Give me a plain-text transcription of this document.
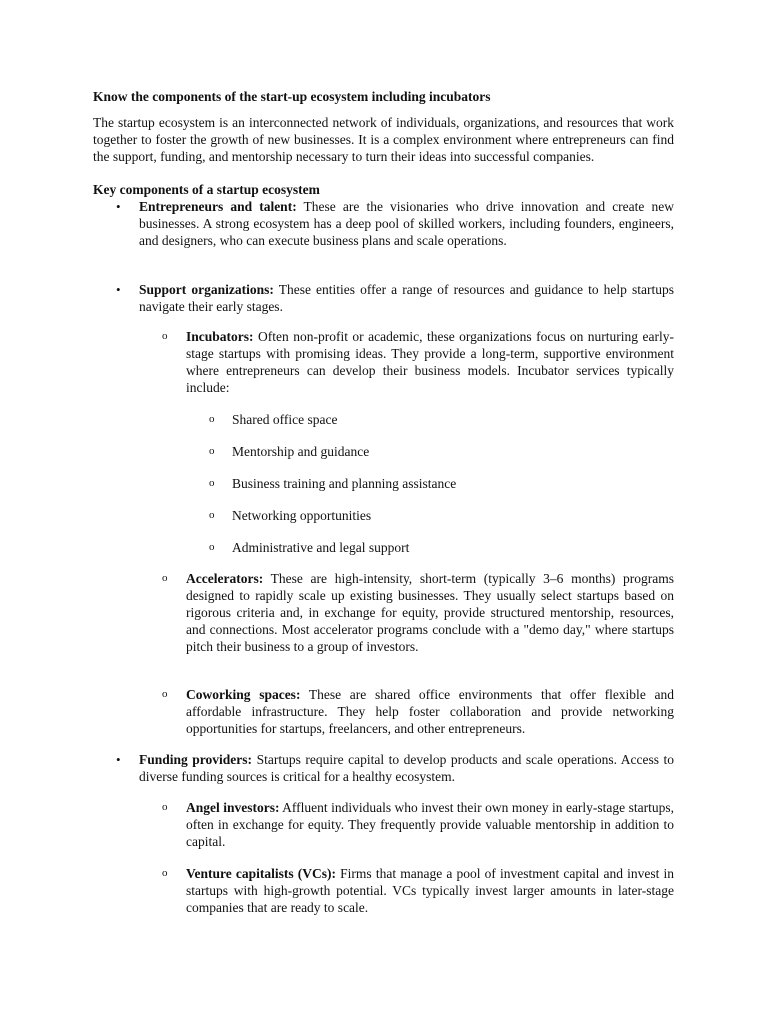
Know the components of the start-up ecosystem including incubators
The startup ecosystem is an interconnected network of individuals, organizations, and resources that work together to foster the growth of new businesses. It is a complex environment where entrepreneurs can find the support, funding, and mentorship necessary to turn their ideas into successful companies.
Key components of a startup ecosystem
• Entrepreneurs and talent: These are the visionaries who drive innovation and create new businesses. A strong ecosystem has a deep pool of skilled workers, including founders, engineers, and designers, who can execute business plans and scale operations.
• Support organizations: These entities offer a range of resources and guidance to help startups navigate their early stages.
o Incubators: Often non-profit or academic, these organizations focus on nurturing early-stage startups with promising ideas. They provide a long-term, supportive environment where entrepreneurs can develop their business models. Incubator services typically include:
o Shared office space
o Mentorship and guidance
o Business training and planning assistance
o Networking opportunities
o Administrative and legal support
o Accelerators: These are high-intensity, short-term (typically 3–6 months) programs designed to rapidly scale up existing businesses. They usually select startups based on rigorous criteria and, in exchange for equity, provide structured mentorship, resources, and connections. Most accelerator programs conclude with a "demo day," where startups pitch their business to a group of investors.
o Coworking spaces: These are shared office environments that offer flexible and affordable infrastructure. They help foster collaboration and provide networking opportunities for startups, freelancers, and other entrepreneurs.
• Funding providers: Startups require capital to develop products and scale operations. Access to diverse funding sources is critical for a healthy ecosystem.
o Angel investors: Affluent individuals who invest their own money in early-stage startups, often in exchange for equity. They frequently provide valuable mentorship in addition to capital.
o Venture capitalists (VCs): Firms that manage a pool of investment capital and invest in startups with high-growth potential. VCs typically invest larger amounts in later-stage companies that are ready to scale.
